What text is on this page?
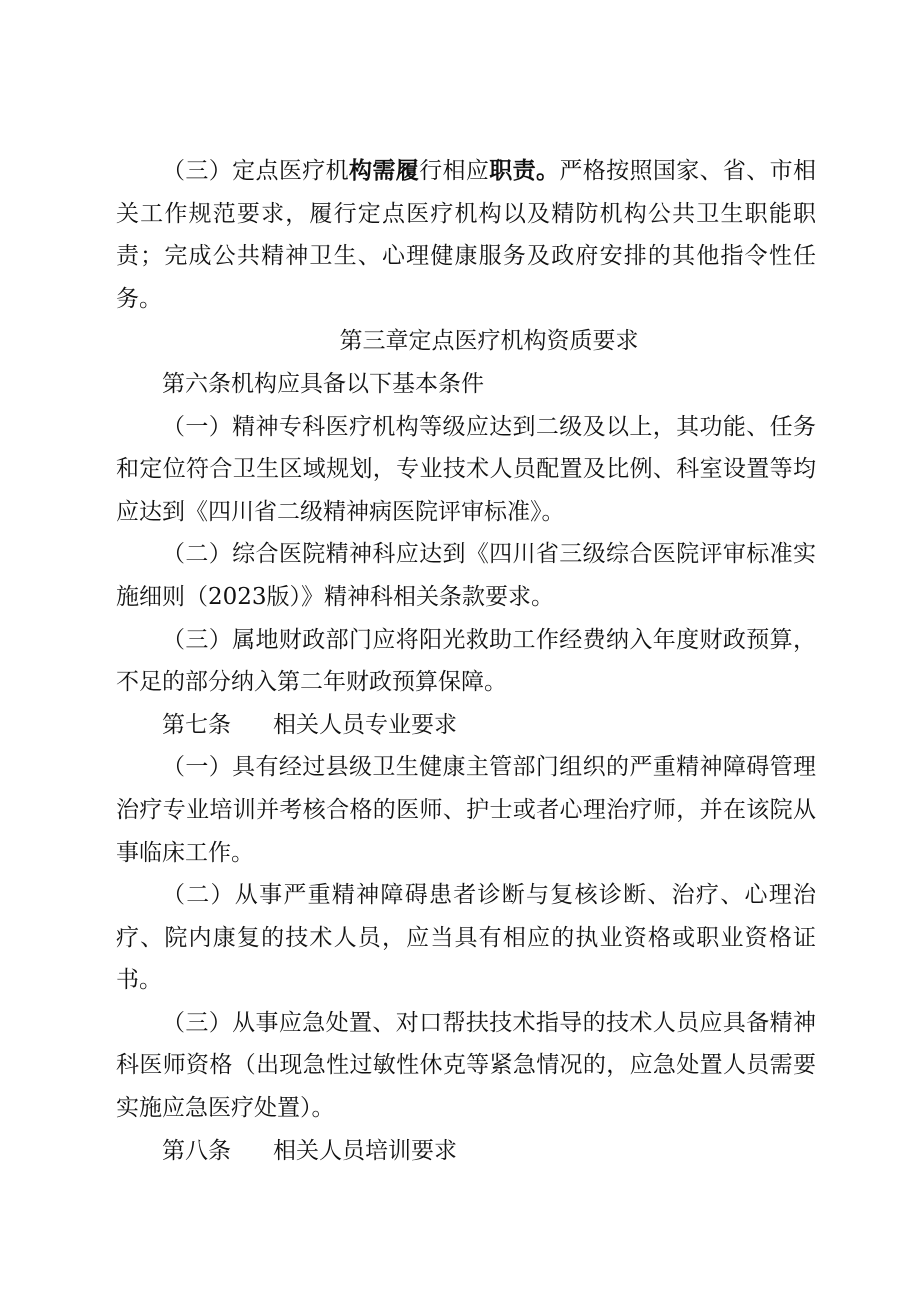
（三）定点医疗机构需履行相应职责。严格按照国家、省、市相关工作规范要求，履行定点医疗机构以及精防机构公共卫生职能职责；完成公共精神卫生、心理健康服务及政府安排的其他指令性任务。

第三章定点医疗机构资质要求

第六条机构应具备以下基本条件

（一）精神专科医疗机构等级应达到二级及以上，其功能、任务和定位符合卫生区域规划，专业技术人员配置及比例、科室设置等均应达到《四川省二级精神病医院评审标准》。

（二）综合医院精神科应达到《四川省三级综合医院评审标准实施细则（2023版）》精神科相关条款要求。

（三）属地财政部门应将阳光救助工作经费纳入年度财政预算，不足的部分纳入第二年财政预算保障。

第七条 相关人员专业要求

（一）具有经过县级卫生健康主管部门组织的严重精神障碍管理治疗专业培训并考核合格的医师、护士或者心理治疗师，并在该院从事临床工作。

（二）从事严重精神障碍患者诊断与复核诊断、治疗、心理治疗、院内康复的技术人员，应当具有相应的执业资格或职业资格证书。

（三）从事应急处置、对口帮扶技术指导的技术人员应具备精神科医师资格（出现急性过敏性休克等紧急情况的，应急处置人员需要实施应急医疗处置）。

第八条 相关人员培训要求
